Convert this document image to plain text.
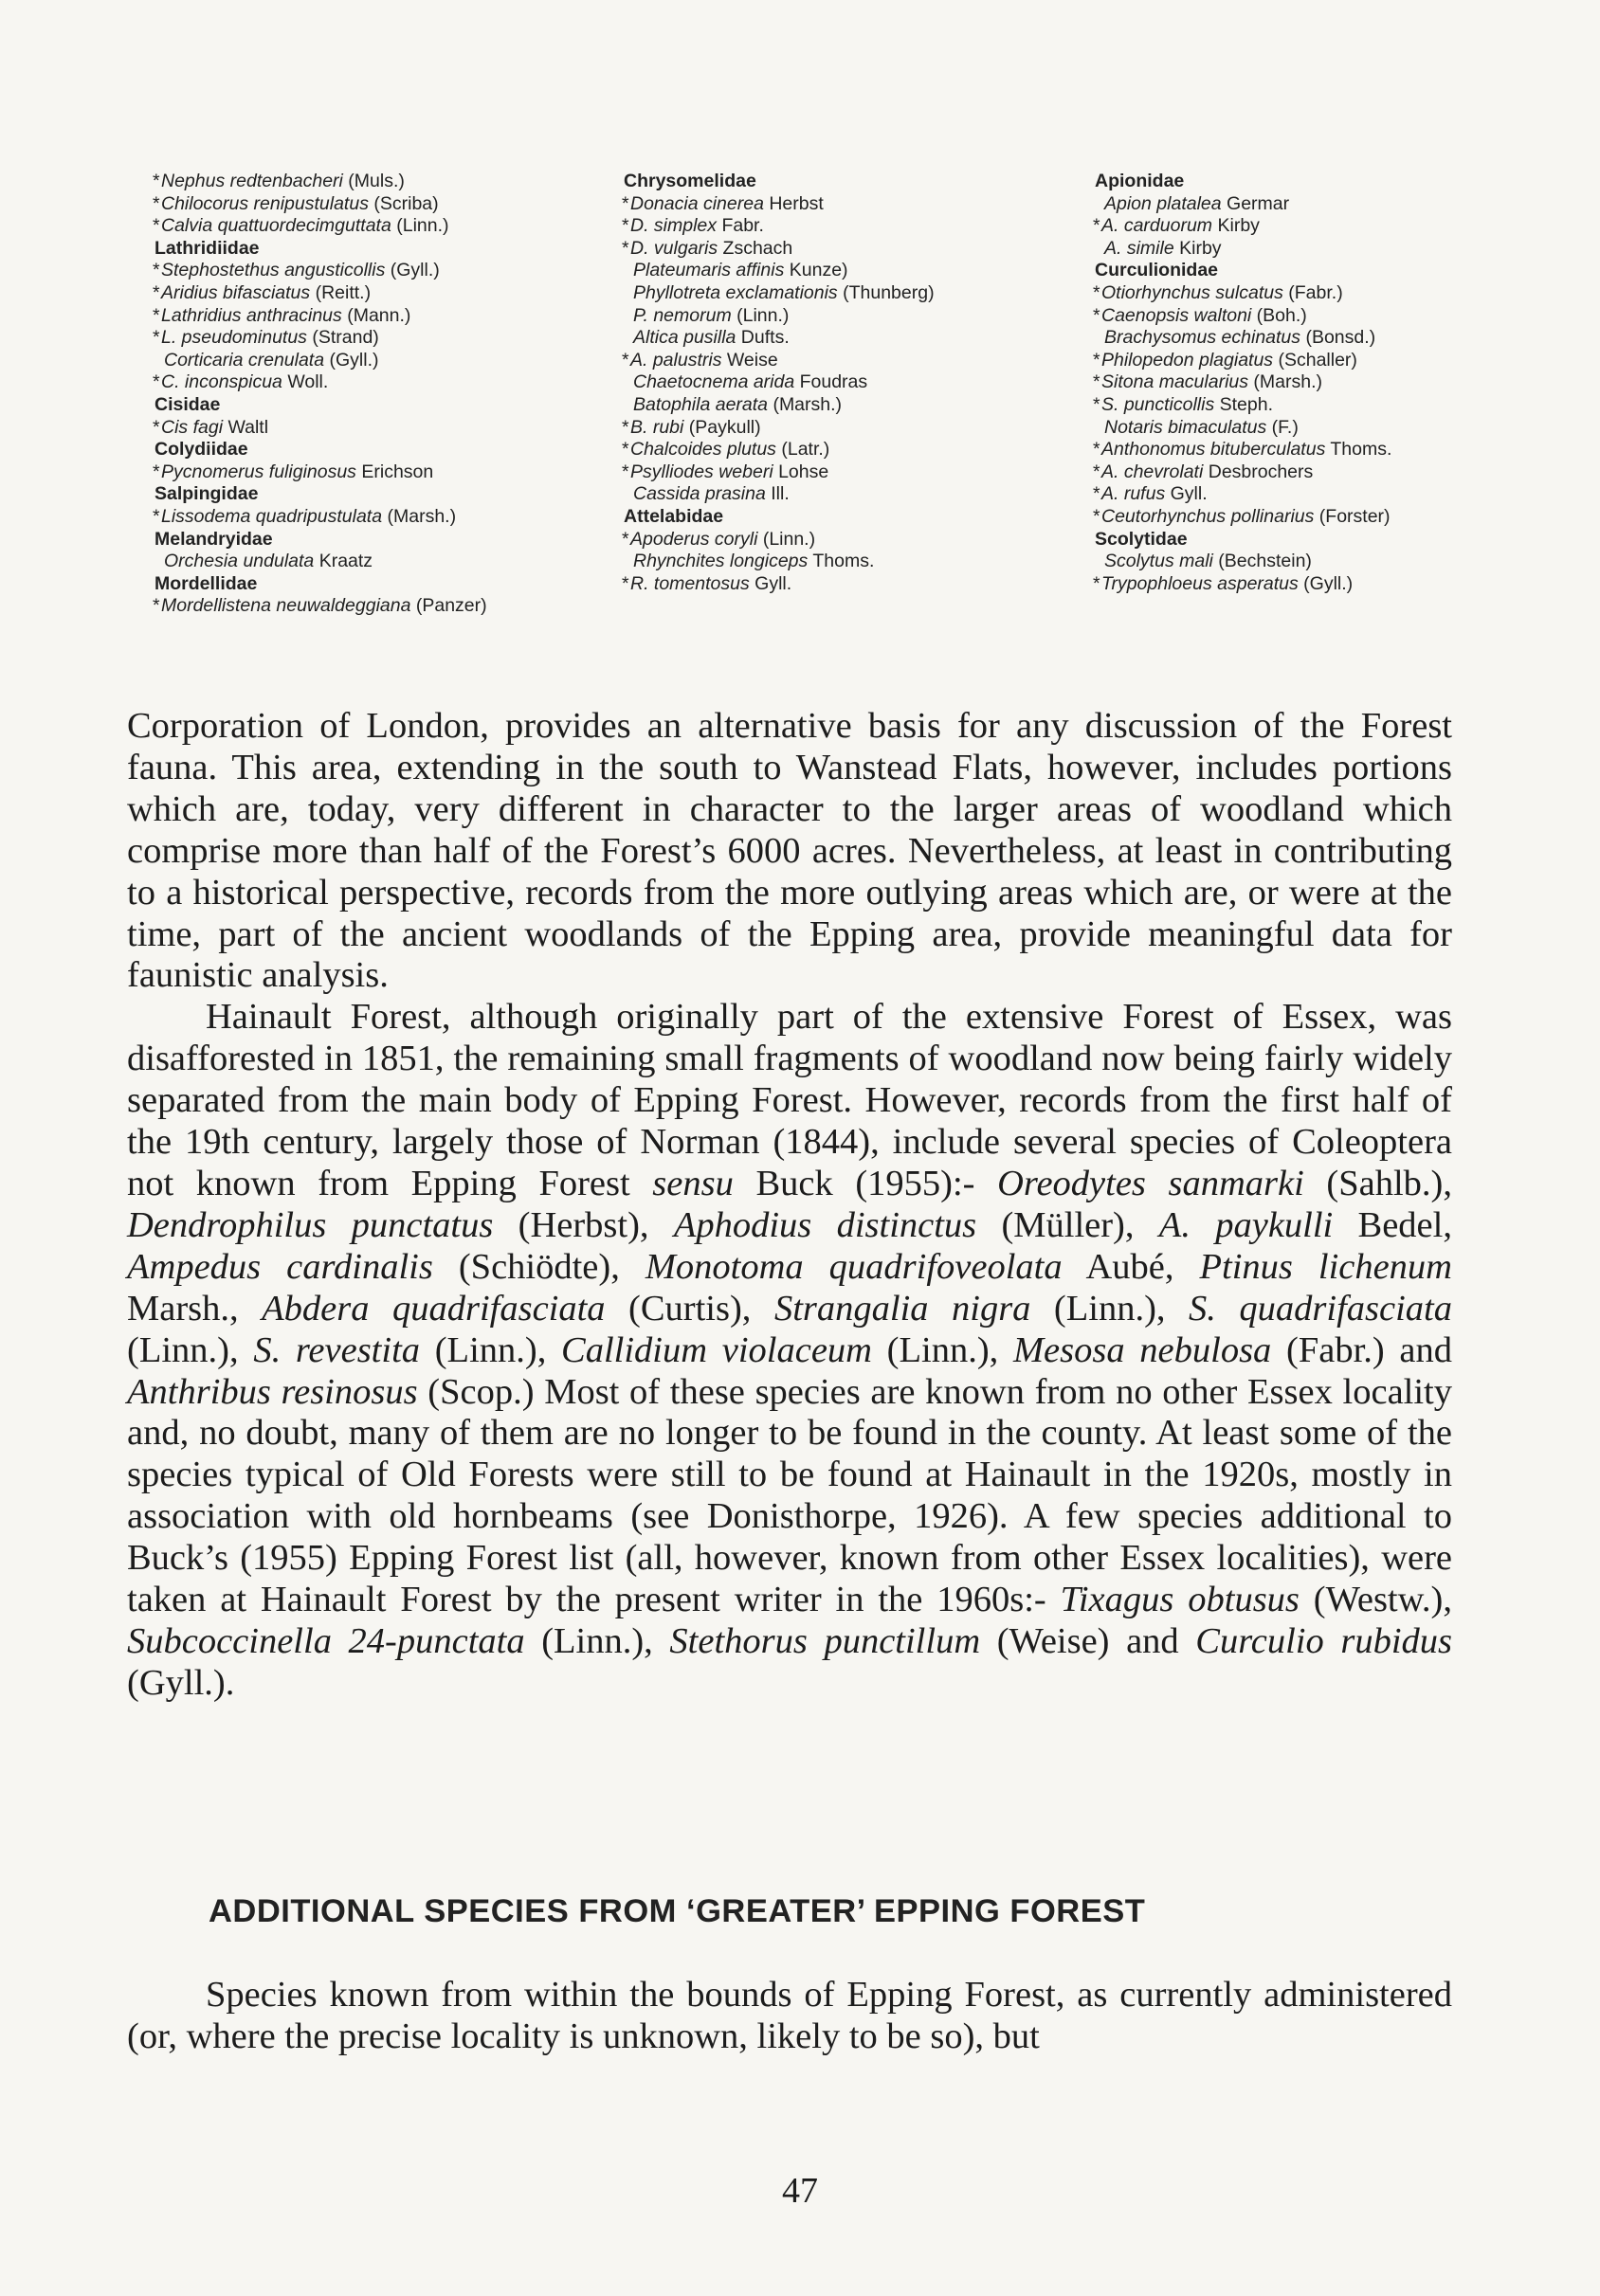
*Nephus redtenbacheri (Muls.)
*Chilocorus renipustulatus (Scriba)
*Calvia quattuordecimguttata (Linn.)
Lathridiidae
*Stephostethus angusticollis (Gyll.)
*Aridius bifasciatus (Reitt.)
*Lathridius anthracinus (Mann.)
*L. pseudominutus (Strand)
Corticaria crenulata (Gyll.)
*C. inconspicua Woll.
Cisidae
*Cis fagi Waltl
Colydiidae
*Pycnomerus fuliginosus Erichson
Salpingidae
*Lissodema quadripustulata (Marsh.)
Melandryidae
Orchesia undulata Kraatz
Mordellidae
*Mordellistena neuwaldeggiana (Panzer)
Chrysomelidae
*Donacia cinerea Herbst
*D. simplex Fabr.
*D. vulgaris Zschach
Plateumaris affinis Kunze)
Phyllotreta exclamationis (Thunberg)
P. nemorum (Linn.)
Altica pusilla Dufts.
*A. palustris Weise
Chaetocnema arida Foudras
Batophila aerata (Marsh.)
*B. rubi (Paykull)
*Chalcoides plutus (Latr.)
*Psylliodes weberi Lohse
Cassida prasina Ill.
Attelabidae
*Apoderus coryli (Linn.)
Rhynchites longiceps Thoms.
*R. tomentosus Gyll.
Apionidae
Apion platalea Germar
*A. carduorum Kirby
A. simile Kirby
Curculionidae
*Otiorhynchus sulcatus (Fabr.)
*Caenopsis waltoni (Boh.)
Brachysomus echinatus (Bonsd.)
*Philopedon plagiatus (Schaller)
*Sitona macularius (Marsh.)
*S. puncticollis Steph.
Notaris bimaculatus (F.)
*Anthonomus bituberculatus Thoms.
*A. chevrolati Desbrochers
*A. rufus Gyll.
*Ceutorhynchus pollinarius (Forster)
Scolytidae
Scolytus mali (Bechstein)
*Trypophloeus asperatus (Gyll.)

Corporation of London, provides an alternative basis for any discussion of the Forest fauna. This area, extending in the south to Wanstead Flats, however, includes portions which are, today, very different in character to the larger areas of woodland which comprise more than half of the Forest’s 6000 acres. Nevertheless, at least in contributing to a historical perspective, records from the more outlying areas which are, or were at the time, part of the ancient woodlands of the Epping area, provide meaningful data for faunistic analysis.

Hainault Forest, although originally part of the extensive Forest of Essex, was disafforested in 1851, the remaining small fragments of woodland now being fairly widely separated from the main body of Epping Forest. However, records from the first half of the 19th century, largely those of Norman (1844), include several species of Coleoptera not known from Epping Forest sensu Buck (1955):- Oreodytes sanmarki (Sahlb.), Dendrophilus punctatus (Herbst), Aphodius distinctus (Müller), A. paykulli Bedel, Ampedus cardinalis (Schiödte), Monotoma quadrifoveolata Aubé, Ptinus lichenum Marsh., Abdera quadrifasciata (Curtis), Strangalia nigra (Linn.), S. quadrifasciata (Linn.), S. revestita (Linn.), Callidium violaceum (Linn.), Mesosa nebulosa (Fabr.) and Anthribus resinosus (Scop.) Most of these species are known from no other Essex locality and, no doubt, many of them are no longer to be found in the county. At least some of the species typical of Old Forests were still to be found at Hainault in the 1920s, mostly in association with old hornbeams (see Donisthorpe, 1926). A few species additional to Buck’s (1955) Epping Forest list (all, however, known from other Essex localities), were taken at Hainault Forest by the present writer in the 1960s:- Tixagus obtusus (Westw.), Subcoccinella 24-punctata (Linn.), Stethorus punctillum (Weise) and Curculio rubidus (Gyll.).

ADDITIONAL SPECIES FROM ‘GREATER’ EPPING FOREST
Species known from within the bounds of Epping Forest, as currently administered (or, where the precise locality is unknown, likely to be so), but
47
